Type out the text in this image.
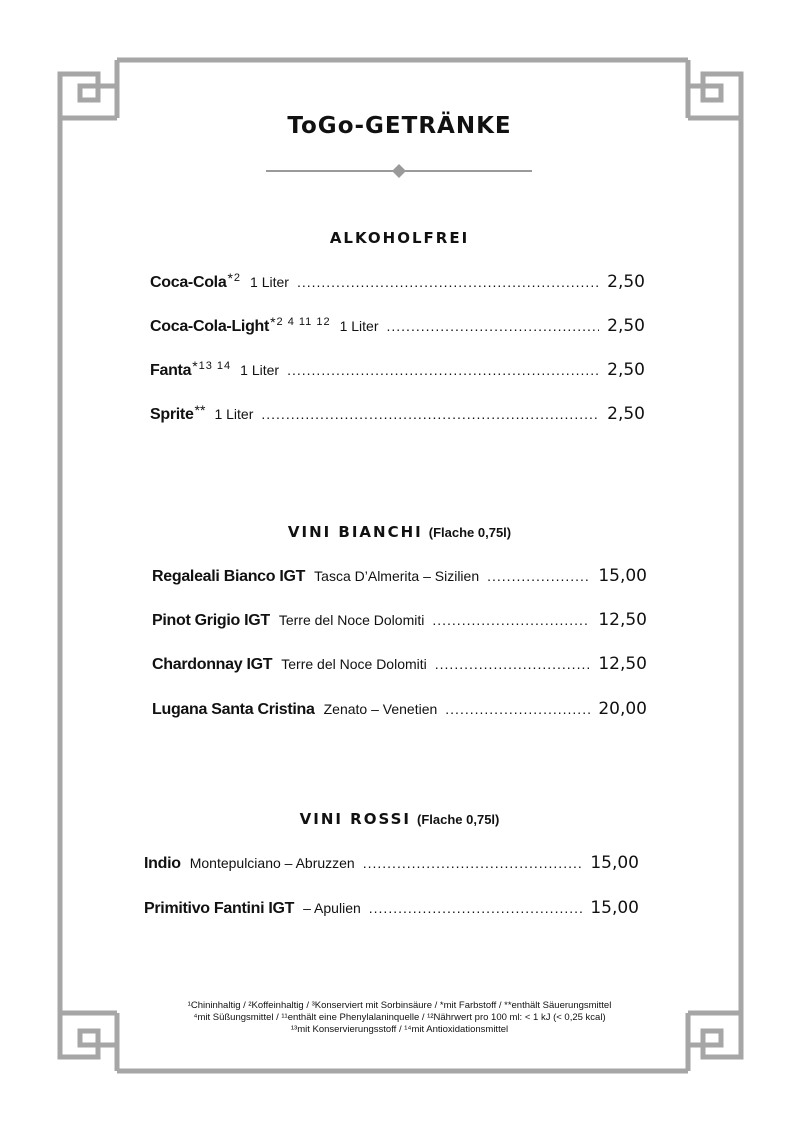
ToGo-GETRÄNKE
ALKOHOLFREI
Coca-Cola * 2 1 Liter .....	2,50
Coca-Cola-Light * 2 4 11 12 1 Liter .....	2,50
Fanta * 13 14 1 Liter .....	2,50
Sprite ** 1 Liter .....	2,50
VINI BIANCHI (Flache 0,75l)
Regaleali Bianco IGT Tasca D’Almerita – Sizilien .....	15,00
Pinot Grigio IGT Terre del Noce Dolomiti .....	12,50
Chardonnay IGT Terre del Noce Dolomiti .....	12,50
Lugana Santa Cristina Zenato – Venetien .....	20,00
VINI ROSSI (Flache 0,75l)
Indio Montepulciano – Abruzzen .....	15,00
Primitivo Fantini IGT – Apulien .....	15,00
¹Chininhaltig / ²Koffeinhaltig / ³Konserviert mit Sorbinsäure / *mit Farbstoff / **enthält Säuerungsmittel
⁴mit Süßungsmittel / ¹¹enthält eine Phenylalaninquelle / ¹²Nährwert pro 100 ml: < 1 kJ (< 0,25 kcal)
¹³mit Konservierungsstoff / ¹⁴mit Antioxidationsmittel
